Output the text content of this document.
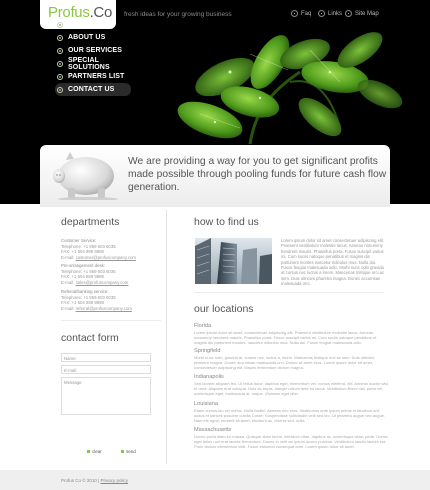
Profus.Co fresh ideas for your growing business	Faq	Links Site Map
HOME
ABOUT US
OUR SERVICES
SPECIAL SOLUTIONS
PARTNERS LIST
CONTACT US
We are providing a way for you to get significant profits made possible through pooling funds for future cash flow generation.
departments
Customer Service:
Telephone: +1 959 603 6035
FAX: +1 504 889 9898
E-mail: customer@profuscompany.com
Pre-arrangement desk:
Telephone: +1 959 603 6035
FAX: +1 504 889 9898
E-mail: sales@profuscompany.com
Referral/banking service:
Telephone: +1 959 603 6035
FAX: +1 504 889 9898
E-mail: referral@profuscompany.com
contact form
Name:
E-mail:
Message:
clear	send
how to find us
Lorem ipsum dolor sit amet consectetuer adipiscing elit. Praesent vestibulum molestie lacus. Aenean nonummy hendrerit mauris. Phasellus porta. Fusce suscipit varius mi. Cum sociis natoque penatibus et magnis dis parturient montes nascetur ridiculus mus. Nulla dui. Fusce feugiat malesuada odio. Morbi nunc odio gravida at cursus nec luctus a lorem. Maecenas tristique orci ac sem. Duis ultricies pharetra magna. Donec accumsan malesuada orci.
our locations
Florida
Lorem ipsum dolor sit amet, consectetuer adipiscing elit. Praesent vestibulum molestie lacus. Aenean nonummy hendrerit mauris. Phasellus porta. Fusce suscipit varius mi. Cum sociis natoque penatibus et magnis dis parturient montes, nascetur ridiculus mus. Nulla dui. Fusce feugiat malesuada odio.
Springfield
Morbi nunc odio, gravida at, cursus nec, luctus a, lorem. Maecenas tristique orci ac sem. Duis ultricies pharetra magna. Donec accumsan malesuada orci. Donec sit amet eros. Lorem ipsum dolor sit amet, consectetuer adipiscing elit. Mauris fermentum dictum magna.
Indianapolis
Sed laoreet aliquam leo. Ut tellus dolor, dapibus eget, elementum vel, cursus eleifend, elit. Aenean auctor wisi et urna. Aliquam erat volutpat. Duis ac turpis. Integer rutrum ante eu lacus. Vestibulum libero nisl, porta vel, scelerisque eget, malesuada at, neque. Vivamus eget nibh.
Louisiana
Etiam cursus leo vel metus. Nulla facilisi. Aenean nec eros. Vestibulum ante ipsum primis in faucibus orci luctus et ultrices posuere cubilia Curae; Suspendisse sollicitudin velit sed leo. Ut pharetra augue nec augue. Nam elit agna, endrerit sit amet, tincidunt ac, viverra sed, nulla.
Massachusetts
Donec porta diam eu massa. Quisque diam lorem, interdum vitae, dapibus ac, scelerisque vitae, pede. Donec eget tellus non erat lacinia fermentum. Donec in velit vel ipsum auctor pulvinar. Vestibulum iaculis lacinia est. Proin dictum elementum velit. Fusce euismod consequat ante. Lorem ipsum dolor sit amet.
Profus Co © 2010 | Privacy policy
